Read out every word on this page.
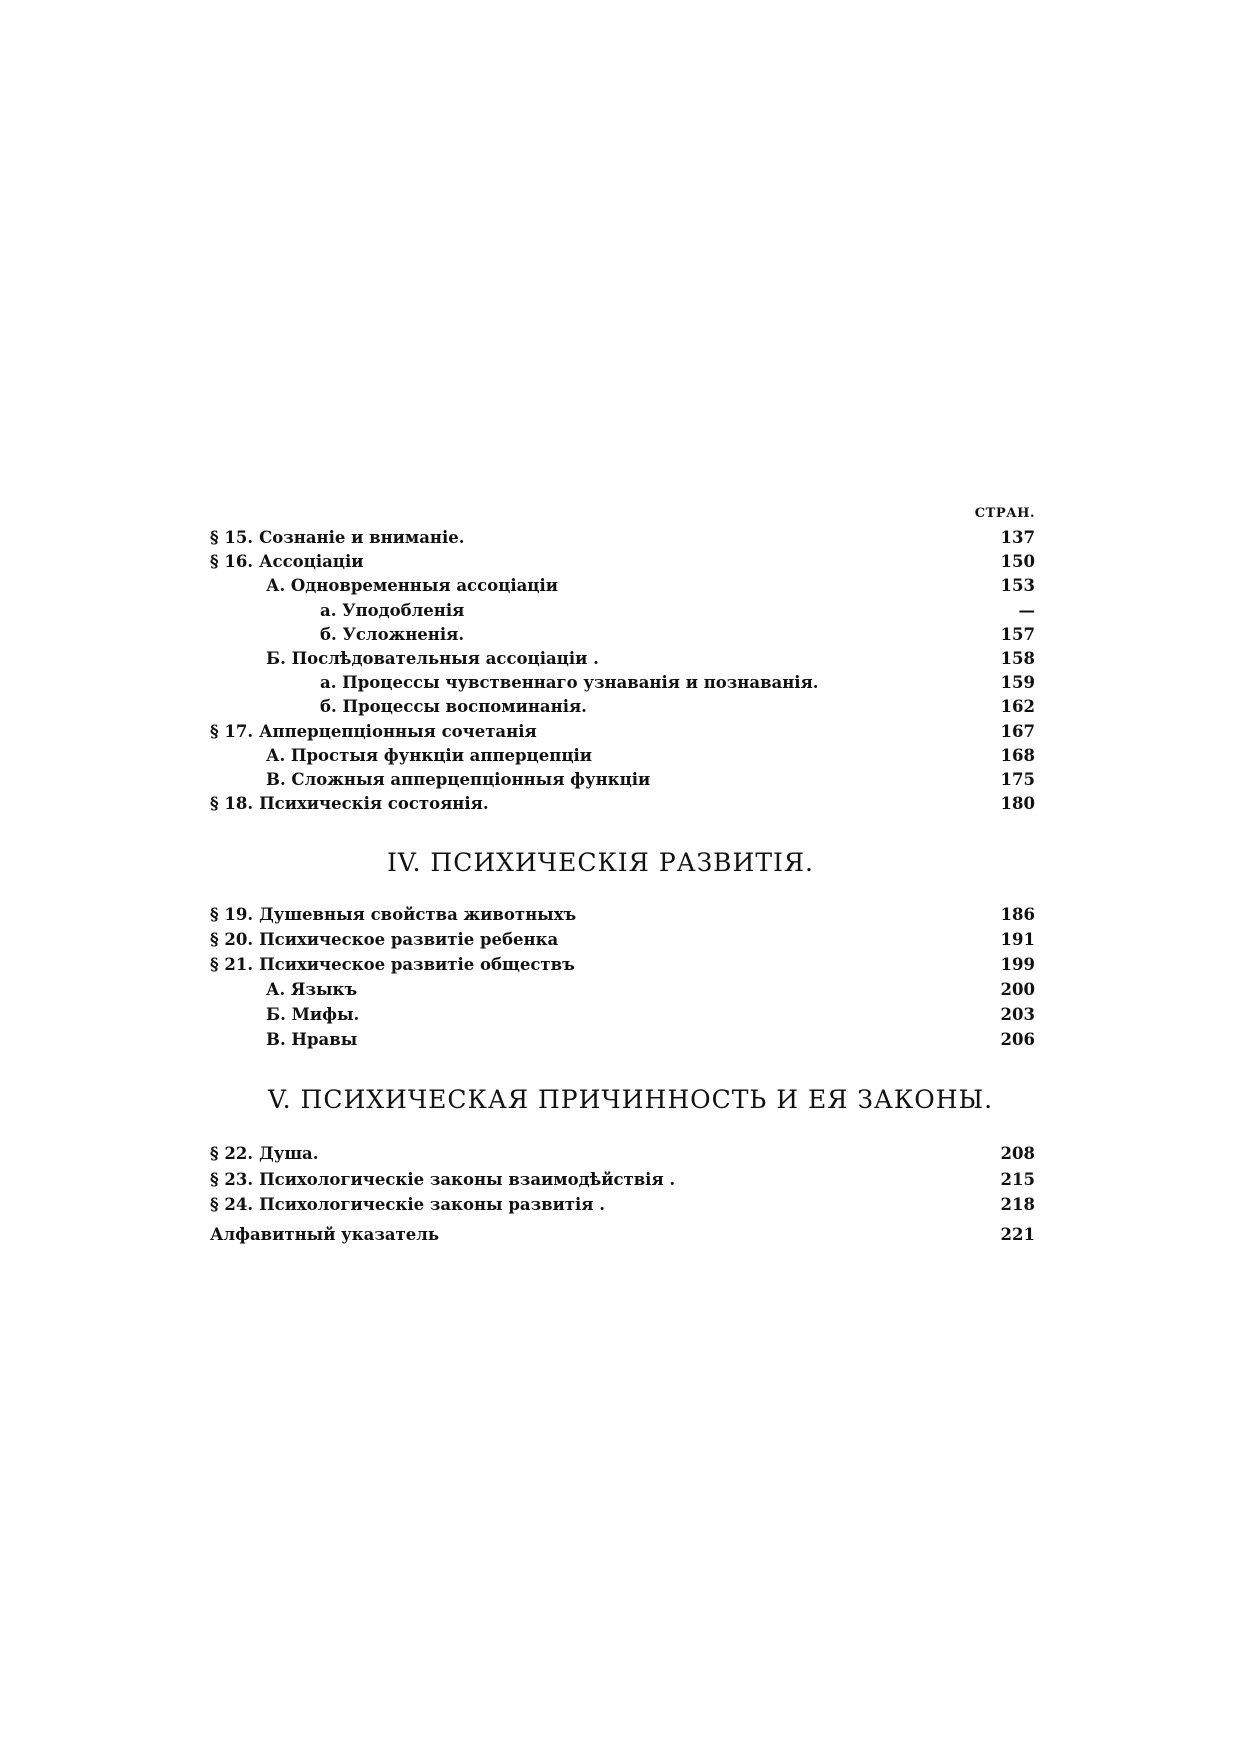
СТРАН.
§ 15. Сознаніе и вниманіе.	137
§ 16. Ассоціаціи	150
А. Одновременныя ассоціаціи	153
а. Уподобленія	—
б. Усложненія.	157
Б. Послѣдовательныя ассоціаціи .	158
а. Процессы чувственнаго узнаванія и познаванія.	159
б. Процессы воспоминанія.	162
§ 17. Апперцепціонныя сочетанія	167
А. Простыя функціи апперцепціи	168
В. Сложныя апперцепціонныя функціи	175
§ 18. Психическія состоянія.	180
IV. ПСИХИЧЕСКІЯ РАЗВИТІЯ.
§ 19. Душевныя свойства животныхъ	186
§ 20. Психическое развитіе ребенка	191
§ 21. Психическое развитіе обществъ	199
А. Языкъ	200
Б. Мифы.	203
В. Нравы	206
V. ПСИХИЧЕСКАЯ ПРИЧИННОСТЬ И ЕЯ ЗАКОНЫ.
§ 22. Душа.	208
§ 23. Психологическіе законы взаимодѣйствія .	215
§ 24. Психологическіе законы развитія .	218
Алфавитный указатель	221
